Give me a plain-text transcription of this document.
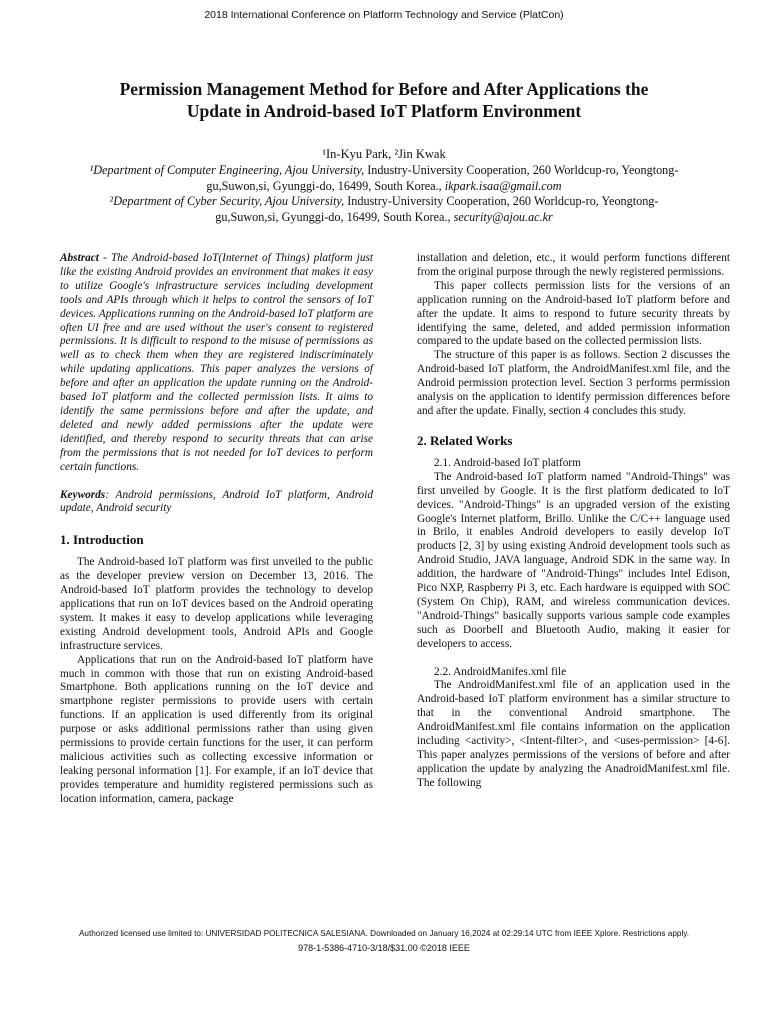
2018 International Conference on Platform Technology and Service (PlatCon)
Permission Management Method for Before and After Applications the
Update in Android-based IoT Platform Environment
¹In-Kyu Park, ²Jin Kwak
¹Department of Computer Engineering, Ajou University, Industry-University Cooperation, 260 Worldcup-ro, Yeongtong-
gu,Suwon,si, Gyunggi-do, 16499, South Korea., ikpark.isaa@gmail.com
²Department of Cyber Security, Ajou University, Industry-University Cooperation, 260 Worldcup-ro, Yeongtong-
gu,Suwon,si, Gyunggi-do, 16499, South Korea., security@ajou.ac.kr
Abstract - The Android-based IoT(Internet of Things) platform just like the existing Android provides an environment that makes it easy to utilize Google's infrastructure services including development tools and APIs through which it helps to control the sensors of IoT devices. Applications running on the Android-based IoT platform are often UI free and are used without the user's consent to registered permissions. It is difficult to respond to the misuse of permissions as well as to check them when they are registered indiscriminately while updating applications. This paper analyzes the versions of before and after an application the update running on the Android-based IoT platform and the collected permission lists. It aims to identify the same permissions before and after the update, and deleted and newly added permissions after the update were identified, and thereby respond to security threats that can arise from the permissions that is not needed for IoT devices to perform certain functions.
Keywords: Android permissions, Android IoT platform, Android update, Android security
1. Introduction

The Android-based IoT platform was first unveiled to the public as the developer preview version on December 13, 2016. The Android-based IoT platform provides the technology to develop applications that run on IoT devices based on the Android operating system. It makes it easy to develop applications while leveraging existing Android development tools, Android APIs and Google infrastructure services.

Applications that run on the Android-based IoT platform have much in common with those that run on existing Android-based Smartphone. Both applications running on the IoT device and smartphone register permissions to provide users with certain functions. If an application is used differently from its original purpose or asks additional permissions rather than using given permissions to provide certain functions for the user, it can perform malicious activities such as collecting excessive information or leaking personal information [1]. For example, if an IoT device that provides temperature and humidity registered permissions such as location information, camera, package

installation and deletion, etc., it would perform functions different from the original purpose through the newly registered permissions.

This paper collects permission lists for the versions of an application running on the Android-based IoT platform before and after the update. It aims to respond to future security threats by identifying the same, deleted, and added permission information compared to the update based on the collected permission lists.

The structure of this paper is as follows. Section 2 discusses the Android-based IoT platform, the AndroidManifest.xml file, and the Android permission protection level. Section 3 performs permission analysis on the application to identify permission differences before and after the update. Finally, section 4 concludes this study.

2. Related Works

2.1. Android-based IoT platform

The Android-based IoT platform named "Android-Things" was first unveiled by Google. It is the first platform dedicated to IoT devices. "Android-Things" is an upgraded version of the existing Google's Internet platform, Brillo. Unlike the C/C++ language used in Brilo, it enables Android developers to easily develop IoT products [2, 3] by using existing Android development tools such as Android Studio, JAVA language, Android SDK in the same way. In addition, the hardware of "Android-Things" includes Intel Edison, Pico NXP, Raspberry Pi 3, etc. Each hardware is equipped with SOC (System On Chip), RAM, and wireless communication devices. "Android-Things" basically supports various sample code examples such as Doorbell and Bluetooth Audio, making it easier for developers to access.

2.2. AndroidManifes.xml file

The AndroidManifest.xml file of an application used in the Android-based IoT platform environment has a similar structure to that in the conventional Android smartphone. The AndroidManifest.xml file contains information on the application including <activity>, <Intent-filter>, and <uses-permission> [4-6]. This paper analyzes permissions of the versions of before and after application the update by analyzing the AnadroidManifest.xml file. The following

Authorized licensed use limited to: UNIVERSIDAD POLITECNICA SALESIANA. Downloaded on January 16,2024 at 02:29:14 UTC from IEEE Xplore. Restrictions apply.
978-1-5386-4710-3/18/$31.00 ©2018 IEEE
